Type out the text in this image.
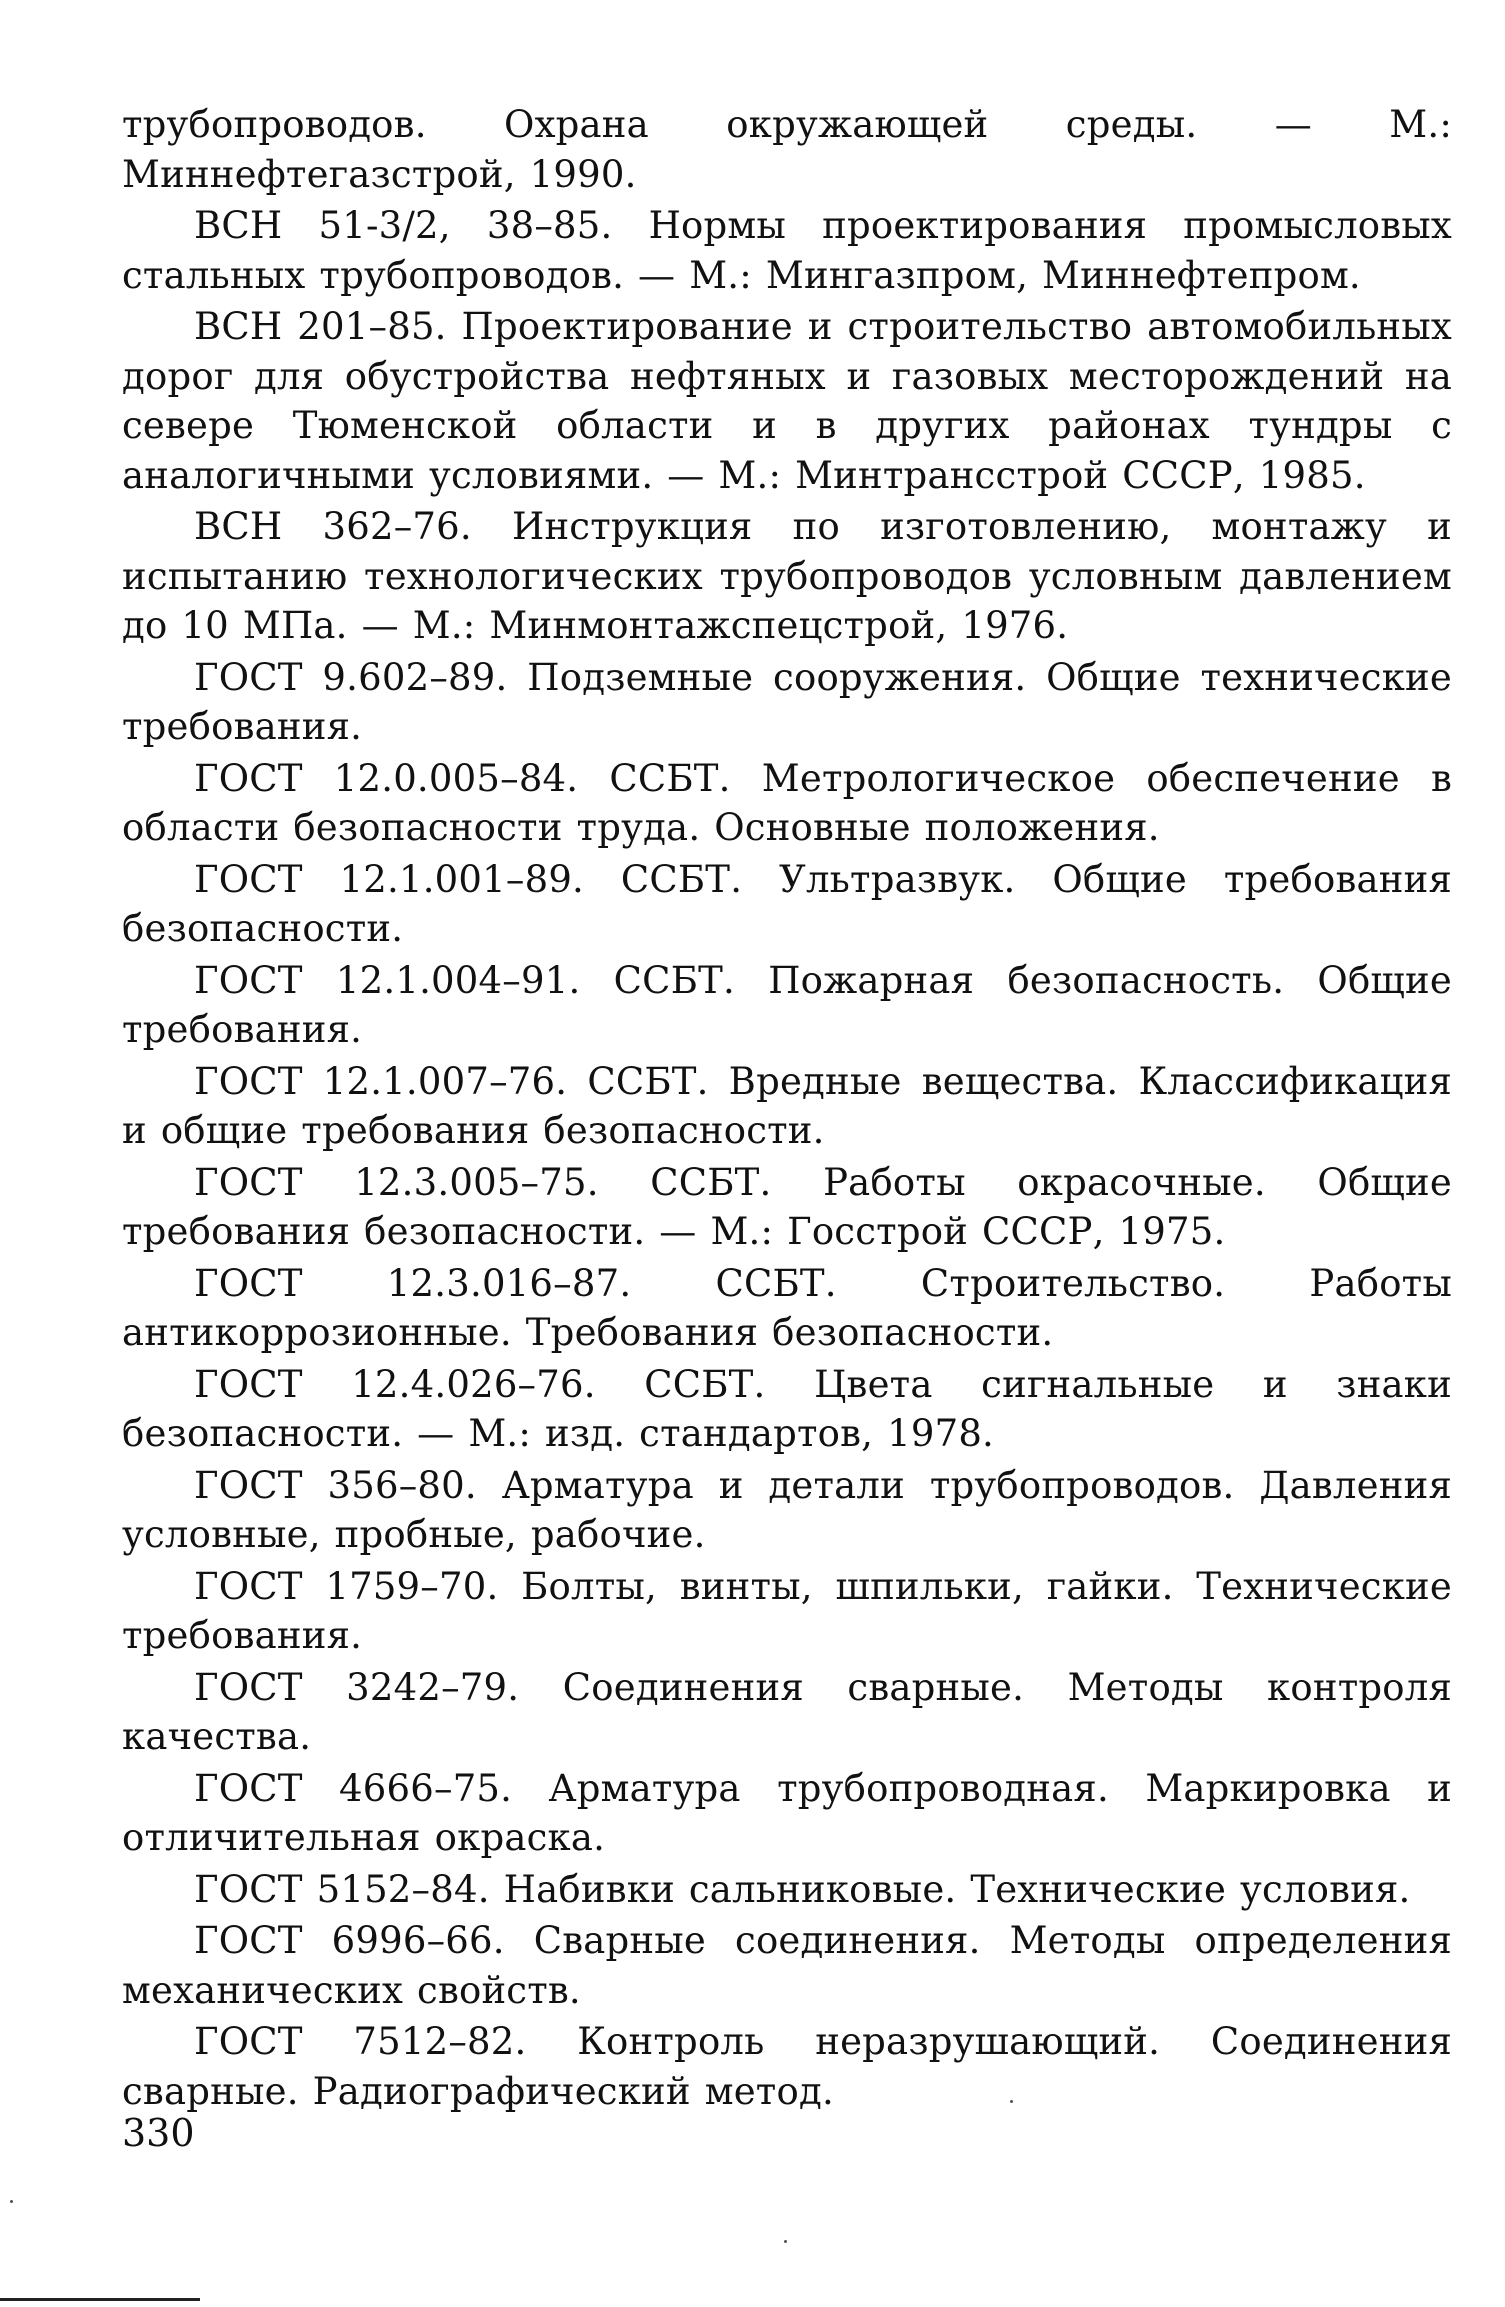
трубопроводов. Охрана окружающей среды. — М.: Миннефтегазстрой, 1990.

ВСН 51-3/2, 38–85. Нормы проектирования промысловых стальных трубопроводов. — М.: Мингазпром, Миннефтепром.

ВСН 201–85. Проектирование и строительство автомобильных дорог для обустройства нефтяных и газовых месторождений на севере Тюменской области и в других районах тундры с аналогичными условиями. — М.: Минтрансстрой СССР, 1985.

ВСН 362–76. Инструкция по изготовлению, монтажу и испытанию технологических трубопроводов условным давлением до 10 МПа. — М.: Минмонтажспецстрой, 1976.

ГОСТ 9.602–89. Подземные сооружения. Общие технические требования.

ГОСТ 12.0.005–84. ССБТ. Метрологическое обеспечение в области безопасности труда. Основные положения.

ГОСТ 12.1.001–89. ССБТ. Ультразвук. Общие требования безопасности.

ГОСТ 12.1.004–91. ССБТ. Пожарная безопасность. Общие требования.

ГОСТ 12.1.007–76. ССБТ. Вредные вещества. Классификация и общие требования безопасности.

ГОСТ 12.3.005–75. ССБТ. Работы окрасочные. Общие требования безопасности. — М.: Госстрой СССР, 1975.

ГОСТ 12.3.016–87. ССБТ. Строительство. Работы антикоррозионные. Требования безопасности.

ГОСТ 12.4.026–76. ССБТ. Цвета сигнальные и знаки безопасности. — М.: изд. стандартов, 1978.

ГОСТ 356–80. Арматура и детали трубопроводов. Давления условные, пробные, рабочие.

ГОСТ 1759–70. Болты, винты, шпильки, гайки. Технические требования.

ГОСТ 3242–79. Соединения сварные. Методы контроля качества.

ГОСТ 4666–75. Арматура трубопроводная. Маркировка и отличительная окраска.

ГОСТ 5152–84. Набивки сальниковые. Технические условия.

ГОСТ 6996–66. Сварные соединения. Методы определения механических свойств.

ГОСТ 7512–82. Контроль неразрушающий. Соединения сварные. Радиографический метод.

330
